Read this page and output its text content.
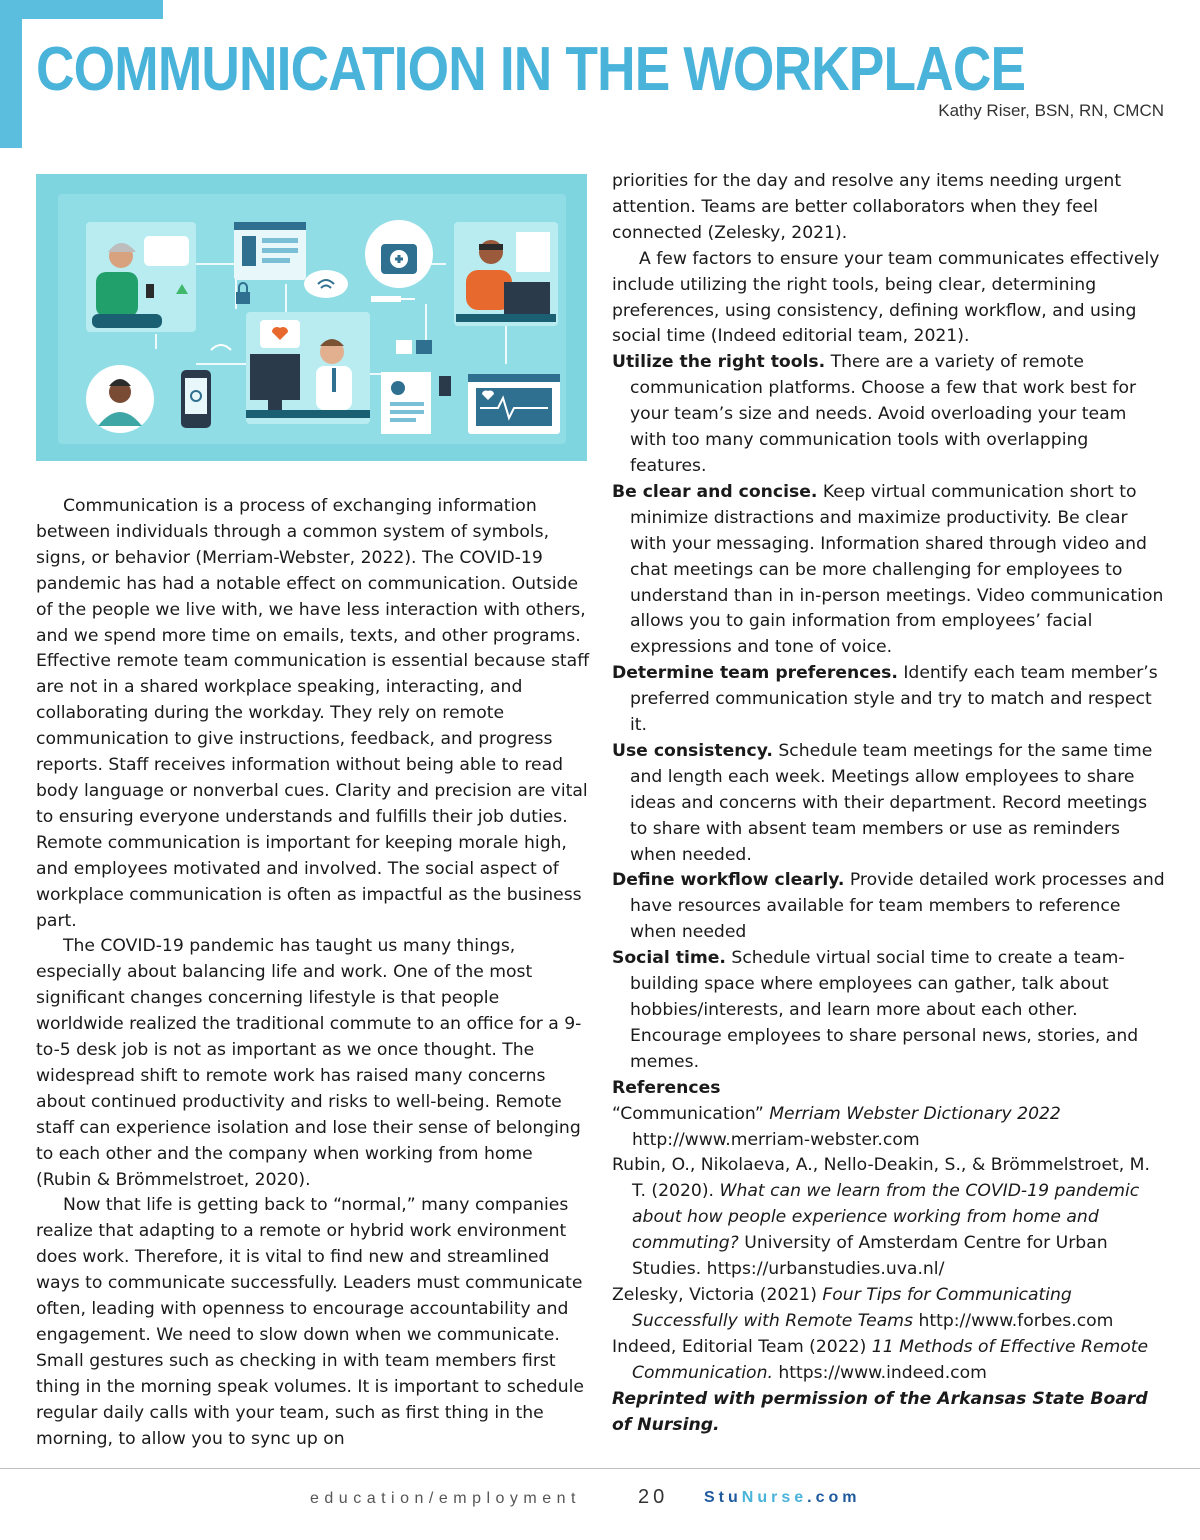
COMMUNICATION IN THE WORKPLACE
Kathy Riser, BSN, RN, CMCN

Communication is a process of exchanging information between individuals through a common system of symbols, signs, or behavior (Merriam-Webster, 2022). The COVID-19 pandemic has had a notable effect on communication. Outside of the people we live with, we have less interaction with others, and we spend more time on emails, texts, and other programs. Effective remote team communication is essential because staff are not in a shared workplace speaking, interacting, and collaborating during the workday. They rely on remote communication to give instructions, feedback, and progress reports. Staff receives information without being able to read body language or nonverbal cues. Clarity and precision are vital to ensuring everyone understands and fulfills their job duties. Remote communication is important for keeping morale high, and employees motivated and involved. The social aspect of workplace communication is often as impactful as the business part.

The COVID-19 pandemic has taught us many things, especially about balancing life and work. One of the most significant changes concerning lifestyle is that people worldwide realized the traditional commute to an office for a 9-to-5 desk job is not as important as we once thought. The widespread shift to remote work has raised many concerns about continued productivity and risks to well-being. Remote staff can experience isolation and lose their sense of belonging to each other and the company when working from home (Rubin & Brömmelstroet, 2020).

Now that life is getting back to “normal,” many companies realize that adapting to a remote or hybrid work environment does work. Therefore, it is vital to find new and streamlined ways to communicate successfully. Leaders must communicate often, leading with openness to encourage accountability and engagement. We need to slow down when we communicate. Small gestures such as checking in with team members first thing in the morning speak volumes. It is important to schedule regular daily calls with your team, such as first thing in the morning, to allow you to sync up on

priorities for the day and resolve any items needing urgent attention. Teams are better collaborators when they feel connected (Zelesky, 2021).

A few factors to ensure your team communicates effectively include utilizing the right tools, being clear, determining preferences, using consistency, defining workflow, and using social time (Indeed editorial team, 2021).

Utilize the right tools. There are a variety of remote communication platforms. Choose a few that work best for your team’s size and needs. Avoid overloading your team with too many communication tools with overlapping features.

Be clear and concise. Keep virtual communication short to minimize distractions and maximize productivity. Be clear with your messaging. Information shared through video and chat meetings can be more challenging for employees to understand than in in-person meetings. Video communication allows you to gain information from employees’ facial expressions and tone of voice.

Determine team preferences. Identify each team member’s preferred communication style and try to match and respect it.

Use consistency. Schedule team meetings for the same time and length each week. Meetings allow employees to share ideas and concerns with their department. Record meetings to share with absent team members or use as reminders when needed.

Define workflow clearly. Provide detailed work processes and have resources available for team members to reference when needed

Social time. Schedule virtual social time to create a team-building space where employees can gather, talk about hobbies/interests, and learn more about each other. Encourage employees to share personal news, stories, and memes.

References

“Communication” Merriam Webster Dictionary 2022 http://www.merriam-webster.com

Rubin, O., Nikolaeva, A., Nello-Deakin, S., & Brömmelstroet, M. T. (2020). What can we learn from the COVID-19 pandemic about how people experience working from home and commuting? University of Amsterdam Centre for Urban Studies. https://urbanstudies.uva.nl/

Zelesky, Victoria (2021) Four Tips for Communicating Successfully with Remote Teams http://www.forbes.com

Indeed, Editorial Team (2022) 11 Methods of Effective Remote Communication. https://www.indeed.com

Reprinted with permission of the Arkansas State Board of Nursing.

education/employment	20 StuNurse.com
